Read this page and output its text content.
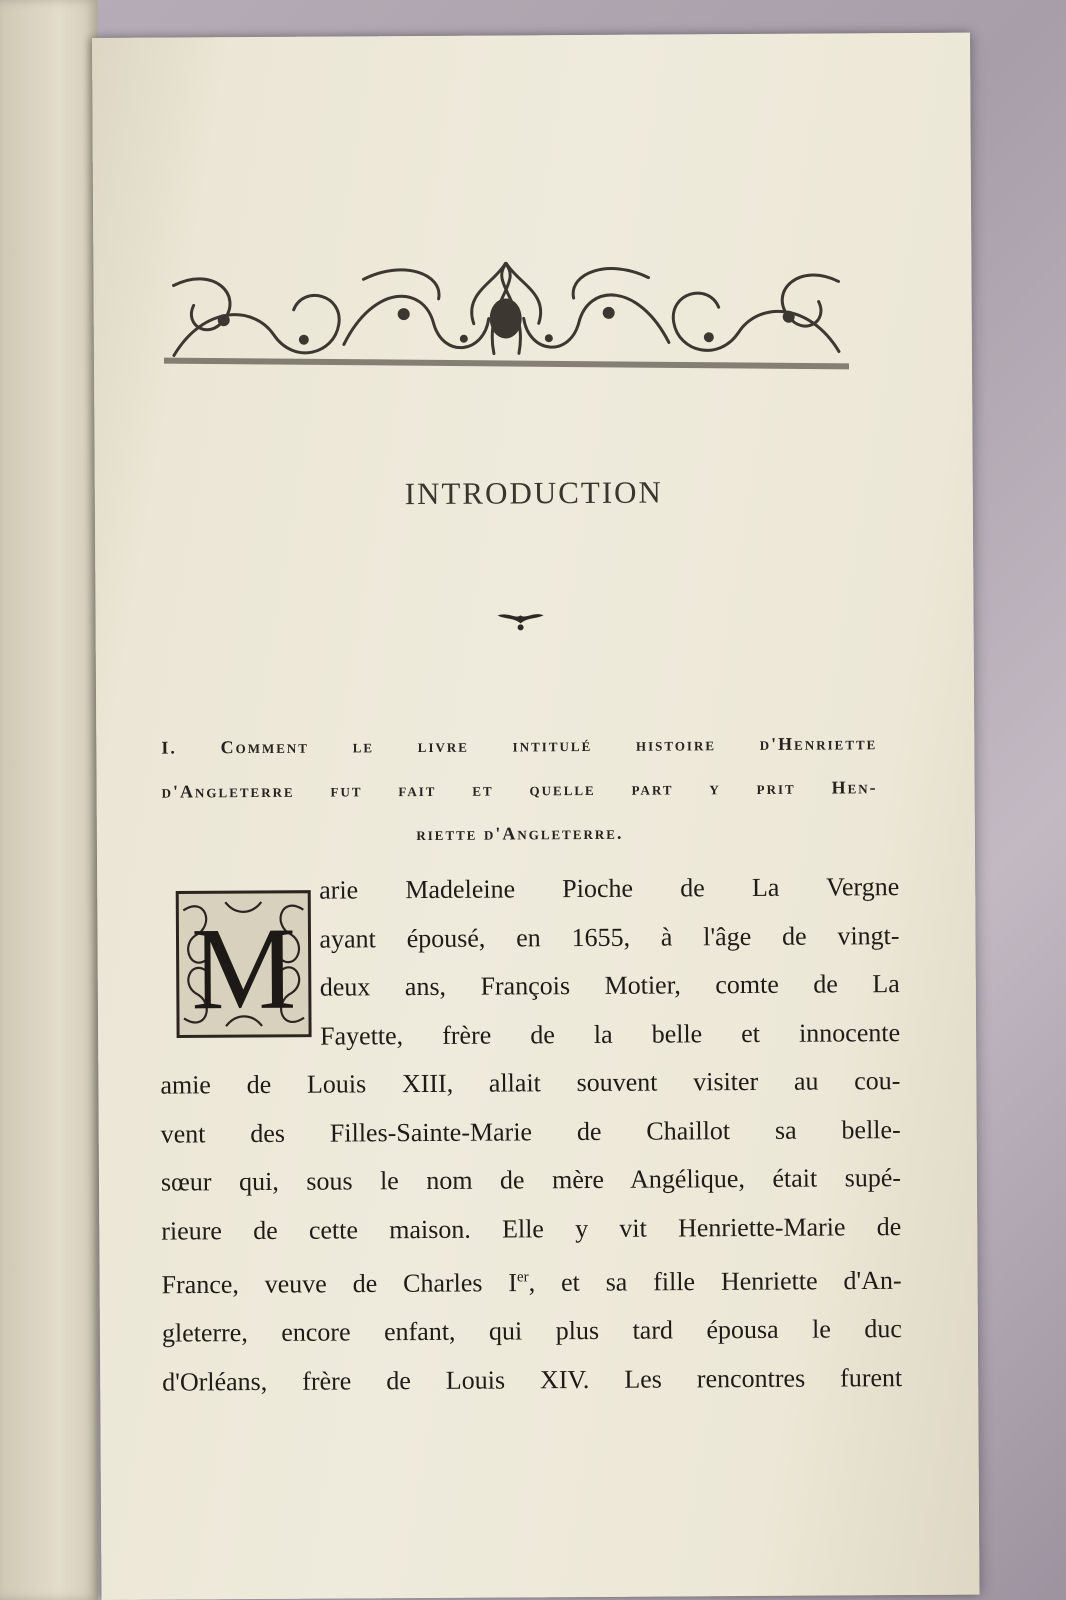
INTRODUCTION
I. Comment le livre intitulé histoire d'Henriette
d'Angleterre fut fait et quelle part y prit Hen-
riette d'Angleterre.
M
arie Madeleine Pioche de La Vergne
ayant épousé, en 1655, à l'âge de vingt-
deux ans, François Motier, comte de La
Fayette, frère de la belle et innocente
amie de Louis XIII, allait souvent visiter au cou-
vent des Filles-Sainte-Marie de Chaillot sa belle-
sœur qui, sous le nom de mère Angélique, était supé-
rieure de cette maison. Elle y vit Henriette-Marie de
France, veuve de Charles Ier, et sa fille Henriette d'An-
gleterre, encore enfant, qui plus tard épousa le duc
d'Orléans, frère de Louis XIV. Les rencontres furent
